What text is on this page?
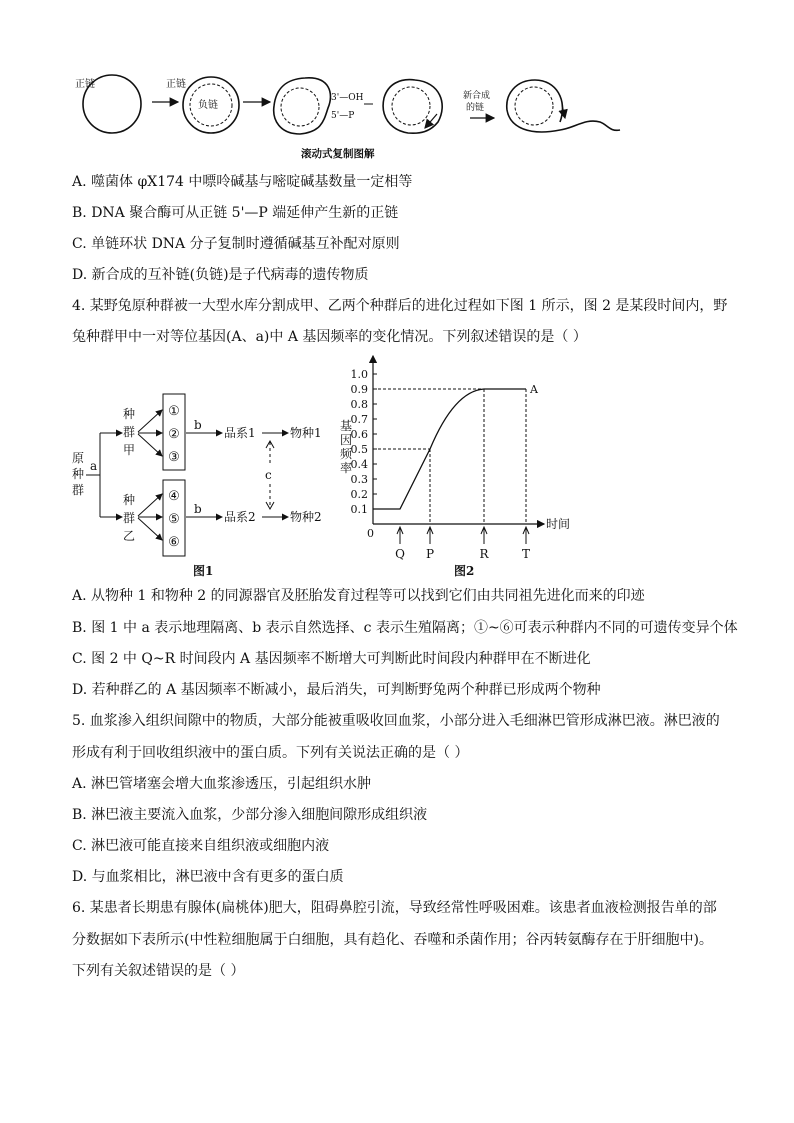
正链	正链
负链
3'—OH
5'—P
新合成
的链
滚动式复制图解
A. 噬菌体 φX174 中嘌呤碱基与嘧啶碱基数量一定相等
B. DNA 聚合酶可从正链 5'—P 端延伸产生新的正链
C. 单链环状 DNA 分子复制时遵循碱基互补配对原则
D. 新合成的互补链(负链)是子代病毒的遗传物质
4. 某野兔原种群被一大型水库分割成甲、乙两个种群后的进化过程如下图 1 所示，图 2 是某段时间内，野
兔种群甲中一对等位基因(A、a)中 A 基因频率的变化情况。下列叙述错误的是（ ）
原
种
群
a
种
群
甲
种
群
乙
①
②
③
④
⑤
⑥
b
b
品系1
品系2
物种1
物种2
c
图1
0.1
0.2
0.3
0.4
0.5
0.6
0.7
0.8
0.9
1.0
Q P	R	T
0
时间
A
基
因
频
率
图2
A. 从物种 1 和物种 2 的同源器官及胚胎发育过程等可以找到它们由共同祖先进化而来的印迹
B. 图 1 中 a 表示地理隔离、b 表示自然选择、c 表示生殖隔离；①~⑥可表示种群内不同的可遗传变异个体
C. 图 2 中 Q~R 时间段内 A 基因频率不断增大可判断此时间段内种群甲在不断进化
D. 若种群乙的 A 基因频率不断减小，最后消失，可判断野兔两个种群已形成两个物种
5. 血浆渗入组织间隙中的物质，大部分能被重吸收回血浆，小部分进入毛细淋巴管形成淋巴液。淋巴液的
形成有利于回收组织液中的蛋白质。下列有关说法正确的是（ ）
A. 淋巴管堵塞会增大血浆渗透压，引起组织水肿
B. 淋巴液主要流入血浆，少部分渗入细胞间隙形成组织液
C. 淋巴液可能直接来自组织液或细胞内液
D. 与血浆相比，淋巴液中含有更多的蛋白质
6. 某患者长期患有腺体(扁桃体)肥大，阻碍鼻腔引流，导致经常性呼吸困难。该患者血液检测报告单的部
分数据如下表所示(中性粒细胞属于白细胞，具有趋化、吞噬和杀菌作用；谷丙转氨酶存在于肝细胞中)。
下列有关叙述错误的是（ ）
